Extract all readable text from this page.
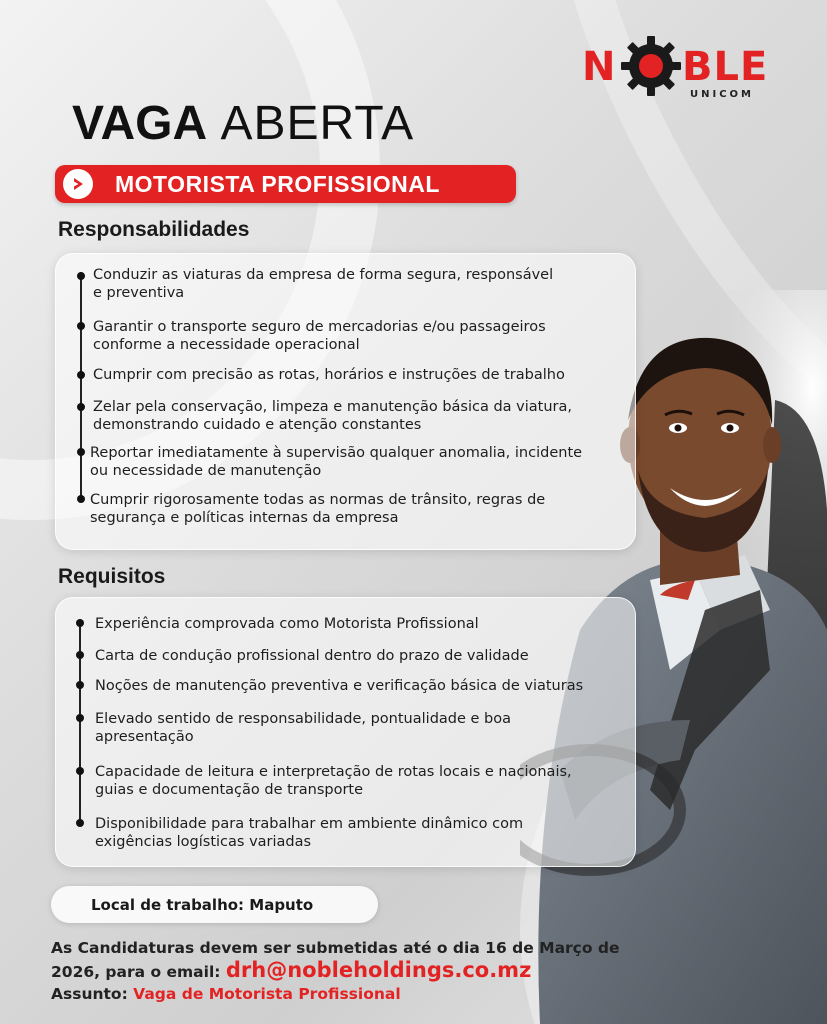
N BLE
UNICOM
VAGA ABERTA
MOTORISTA PROFISSIONAL
Responsabilidades
Conduzir as viaturas da empresa de forma segura, responsável
e preventiva
Garantir o transporte seguro de mercadorias e/ou passageiros
conforme a necessidade operacional
Cumprir com precisão as rotas, horários e instruções de trabalho
Zelar pela conservação, limpeza e manutenção básica da viatura,
demonstrando cuidado e atenção constantes
Reportar imediatamente à supervisão qualquer anomalia, incidente
ou necessidade de manutenção
Cumprir rigorosamente todas as normas de trânsito, regras de
segurança e políticas internas da empresa
Requisitos
Experiência comprovada como Motorista Profissional
Carta de condução profissional dentro do prazo de validade
Noções de manutenção preventiva e verificação básica de viaturas
Elevado sentido de responsabilidade, pontualidade e boa
apresentação
Capacidade de leitura e interpretação de rotas locais e nacionais,
guias e documentação de transporte
Disponibilidade para trabalhar em ambiente dinâmico com
exigências logísticas variadas
Local de trabalho: Maputo
As Candidaturas devem ser submetidas até o dia 16 de Março de
2026, para o email: drh@nobleholdings.co.mz
Assunto: Vaga de Motorista Profissional
